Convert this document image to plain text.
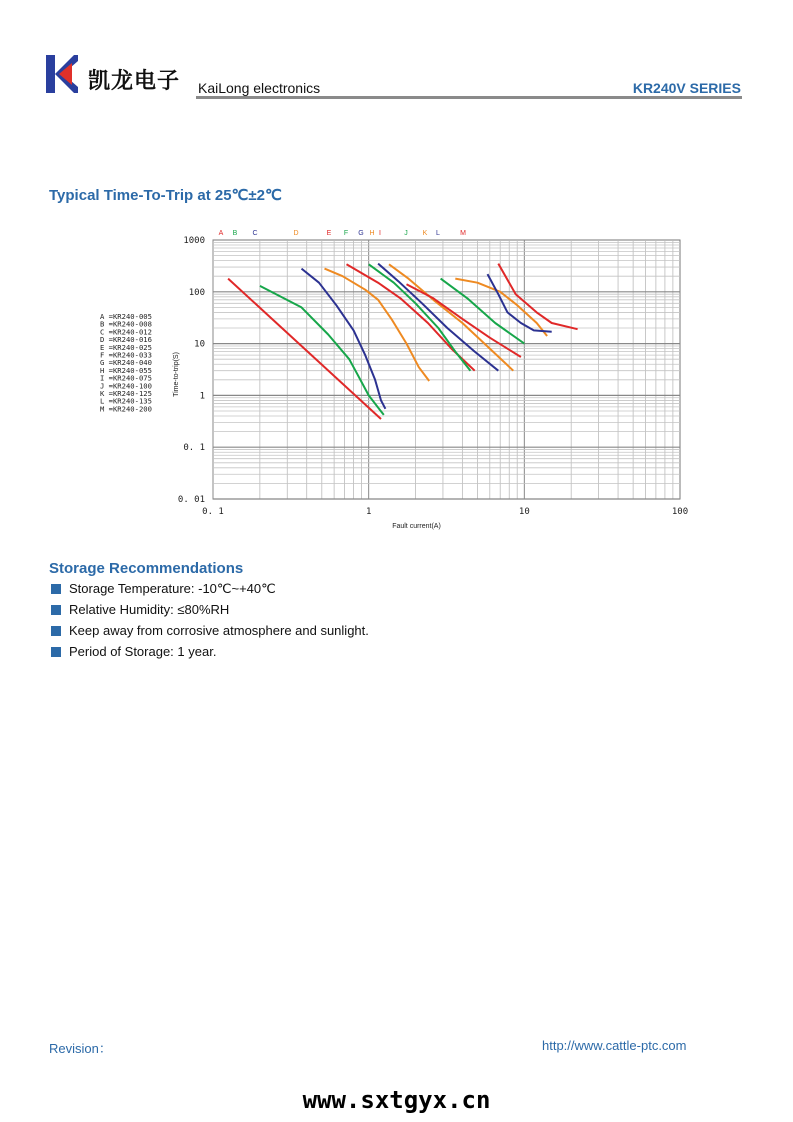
凯龙电子 KaiLong electronics	KR240V SERIES
Typical Time-To-Trip at 25℃±2℃
1000
100
10
1
0. 1
0. 01
0. 1	1	10	100
Fault current(A)
Time-to-trip(S)
A =KR240-005
B =KR240-008
C =KR240-012
D =KR240-016
E =KR240-025
F =KR240-033
G =KR240-040
H =KR240-055
I =KR240-075
J =KR240-100
K =KR240-125
L =KR240-135
M =KR240-200
A B C	D	E F G H I	J K L	M
Storage Recommendations
Storage Temperature: -10℃~+40℃
Relative Humidity: ≤80%RH
Keep away from corrosive atmosphere and sunlight.
Period of Storage: 1 year.
Revision：	http://www.cattle-ptc.com
www.sxtgyx.cn
